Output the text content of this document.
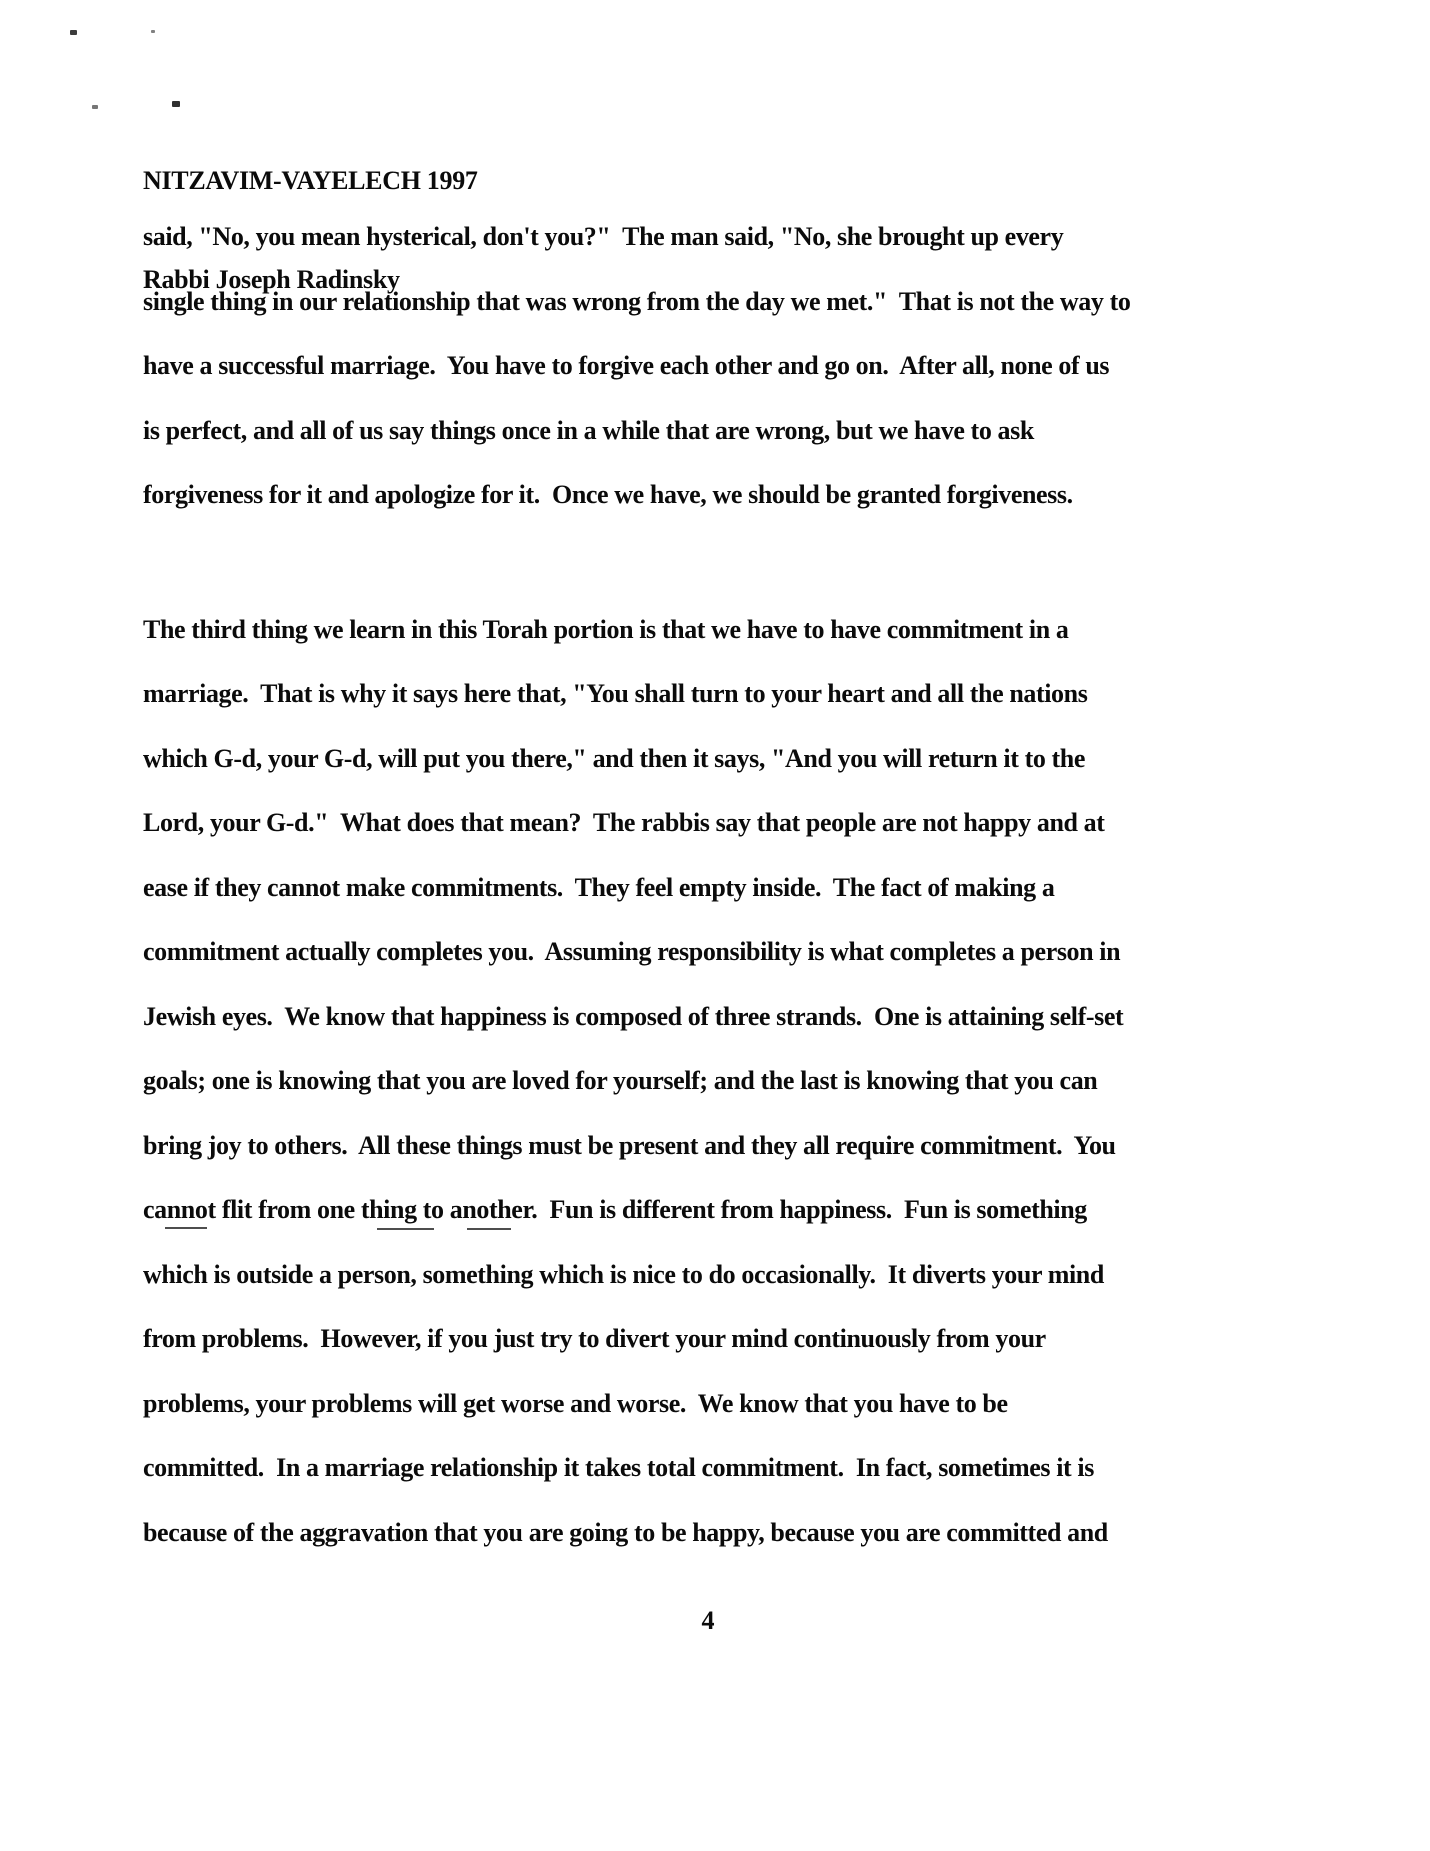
NITZAVIM-VAYELECH 1997

Rabbi Joseph Radinsky

said, "No, you mean hysterical, don't you?"  The man said, "No, she brought up every
single thing in our relationship that was wrong from the day we met."  That is not the way to
have a successful marriage.  You have to forgive each other and go on.  After all, none of us
is perfect, and all of us say things once in a while that are wrong, but we have to ask
forgiveness for it and apologize for it.  Once we have, we should be granted forgiveness.
The third thing we learn in this Torah portion is that we have to have commitment in a
marriage.  That is why it says here that, "You shall turn to your heart and all the nations
which G-d, your G-d, will put you there," and then it says, "And you will return it to the
Lord, your G-d."  What does that mean?  The rabbis say that people are not happy and at
ease if they cannot make commitments.  They feel empty inside.  The fact of making a
commitment actually completes you.  Assuming responsibility is what completes a person in
Jewish eyes.  We know that happiness is composed of three strands.  One is attaining self-set
goals; one is knowing that you are loved for yourself; and the last is knowing that you can
bring joy to others.  All these things must be present and they all require commitment.  You
cannot flit from one thing to another.  Fun is different from happiness.  Fun is something
which is outside a person, something which is nice to do occasionally.  It diverts your mind
from problems.  However, if you just try to divert your mind continuously from your
problems, your problems will get worse and worse.  We know that you have to be
committed.  In a marriage relationship it takes total commitment.  In fact, sometimes it is
because of the aggravation that you are going to be happy, because you are committed and
4
